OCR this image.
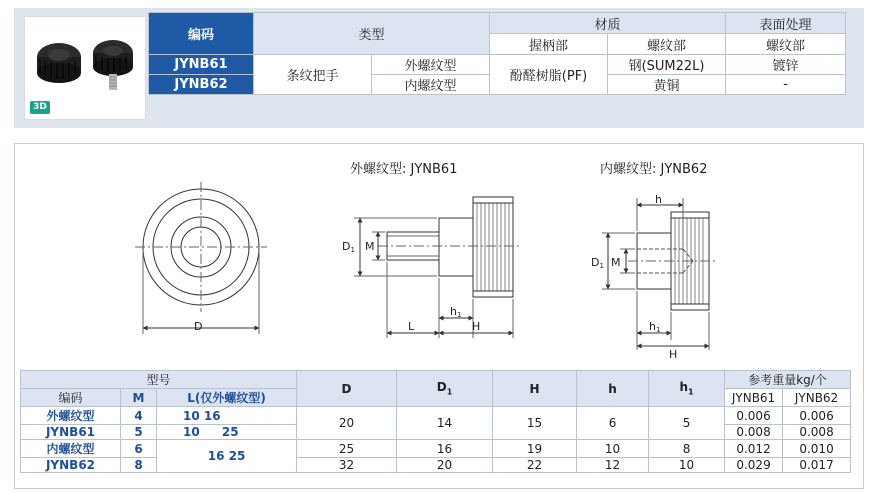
3D
编码	类型		材质		表面处理
			握柄部	螺纹部	螺纹部
JYNB61	条纹把手	外螺纹型	酚醛树脂(PF)	钢(SUM22L)	镀锌
JYNB62		内螺纹型		黄铜	-
D
D1 M
L
h1
H
D1 M
h
h1
H
外螺纹型: JYNB61	内螺纹型: JYNB62
型号			D	$D_1$	H	h	$h_1$	参考重量kg/个	
编码	M	L(仅外螺纹型)						JYNB61	JYNB62
外螺纹型	4	10 16	20	14	15	6	5	0.006	0.006
JYNB61	5	10 25						0.008	0.008
内螺纹型	6	16 25	25	16	19	10	8	0.012	0.010
JYNB62	8		32	20	22	12	10	0.029	0.017
